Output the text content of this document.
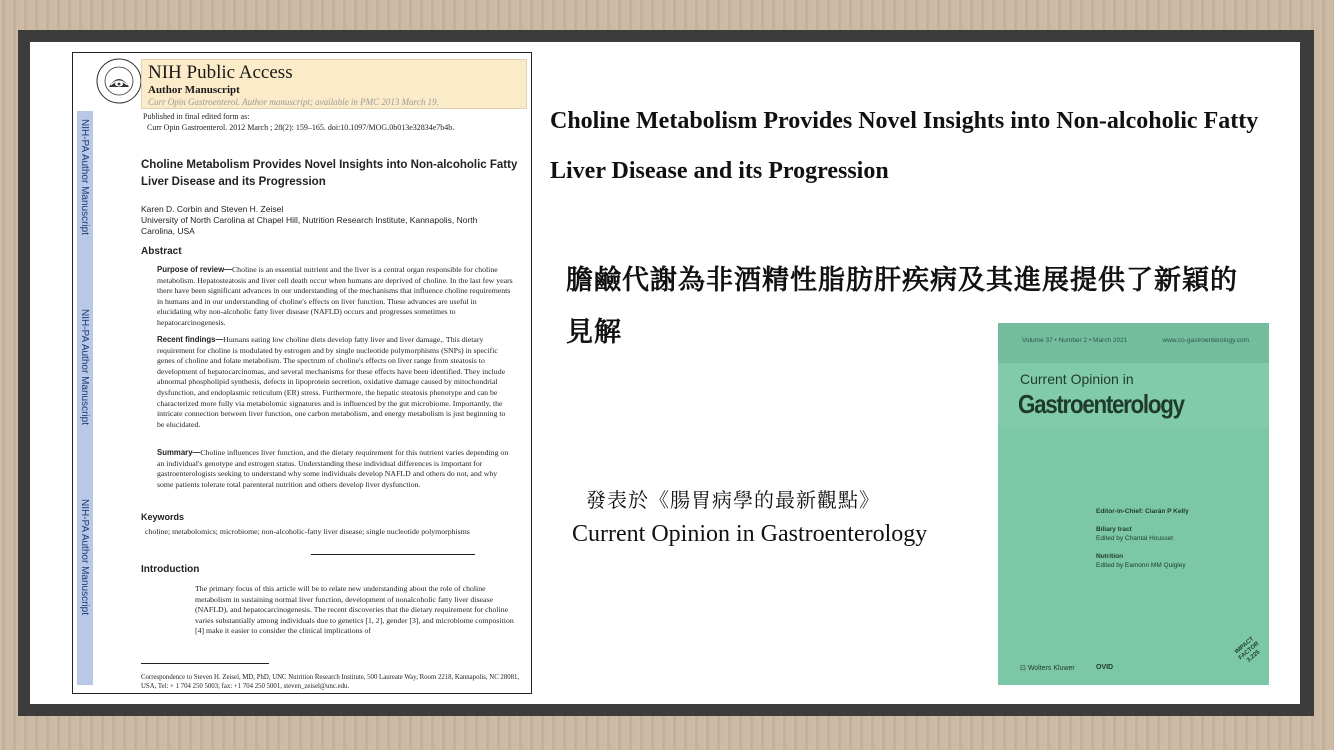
NIH-PA Author Manuscript
NIH-PA Author Manuscript
NIH-PA Author Manuscript
NIH Public Access
Author Manuscript
Curr Opin Gastroenterol. Author manuscript; available in PMC 2013 March 19.
Published in final edited form as:
Curr Opin Gastroenterol. 2012 March ; 28(2): 159–165. doi:10.1097/MOG.0b013e32834e7b4b.
Choline Metabolism Provides Novel Insights into Non-alcoholic Fatty Liver Disease and its Progression
Karen D. Corbin and Steven H. Zeisel
University of North Carolina at Chapel Hill, Nutrition Research Institute, Kannapolis, North Carolina, USA
Abstract
Purpose of review—Choline is an essential nutrient and the liver is a central organ responsible for choline metabolism. Hepatosteatosis and liver cell death occur when humans are deprived of choline. In the last few years there have been significant advances in our understanding of the mechanisms that influence choline requirements in humans and in our understanding of choline's effects on liver function. These advances are useful in elucidating why non-alcoholic fatty liver disease (NAFLD) occurs and progresses sometimes to hepatocarcinogenesis.
Recent findings—Humans eating low choline diets develop fatty liver and liver damage,. This dietary requirement for choline is modulated by estrogen and by single nucleotide polymorphisms (SNPs) in specific genes of choline and folate metabolism. The spectrum of choline's effects on liver range from steatosis to development of hepatocarcinomas, and several mechanisms for these effects have been identified. They include abnormal phospholipid synthesis, defects in lipoprotein secretion, oxidative damage caused by mitochondrial dysfunction, and endoplasmic reticulum (ER) stress. Furthermore, the hepatic steatosis phenotype and can be characterized more fully via metabolomic signatures and is influenced by the gut microbiome. Importantly, the intricate connection between liver function, one carbon metabolism, and energy metabolism is just beginning to be elucidated.
Summary—Choline influences liver function, and the dietary requirement for this nutrient varies depending on an individual's genotype and estrogen status. Understanding these individual differences is important for gastroenterologists seeking to understand why some individuals develop NAFLD and others do not, and why some patients tolerate total parenteral nutrition and others develop liver dysfunction.
Keywords
choline; metabolomics; microbiome; non-alcoholic-fatty liver disease; single nucleotide polymorphisms
Introduction
The primary focus of this article will be to relate new understanding about the role of choline metabolism in sustaining normal liver function, development of nonalcoholic fatty liver disease (NAFLD), and hepatocarcinogenesis. The recent discoveries that the dietary requirement for choline varies substantially among individuals due to genetics [1, 2], gender [3], and microbiome composition [4] make it easier to consider the clinical implications of
Correspondence to Steven H. Zeisel, MD, PhD, UNC Nutrition Research Institute, 500 Laureate Way, Room 2218, Kannapolis, NC 28081, USA, Tel: + 1 704 250 5003; fax: +1 704 250 5001, steven_zeisel@unc.edu.
Choline Metabolism Provides Novel Insights into Non-alcoholic Fatty Liver Disease and its Progression
膽鹼代謝為非酒精性脂肪肝疾病及其進展提供了新穎的見解
發表於《腸胃病學的最新觀點》
Current Opinion in Gastroenterology
Volume 37 • Number 2 • March 2021	www.co-gastroenterology.com
Current Opinion in
Gastroenterology
Editor-in-Chief: Ciarán P Kelly

Biliary tract
Edited by Chantal Housset

Nutrition
Edited by Eamonn MM Quigley
⊡ Wolters Kluwer	OVID
IMPACT FACTOR 3.225
